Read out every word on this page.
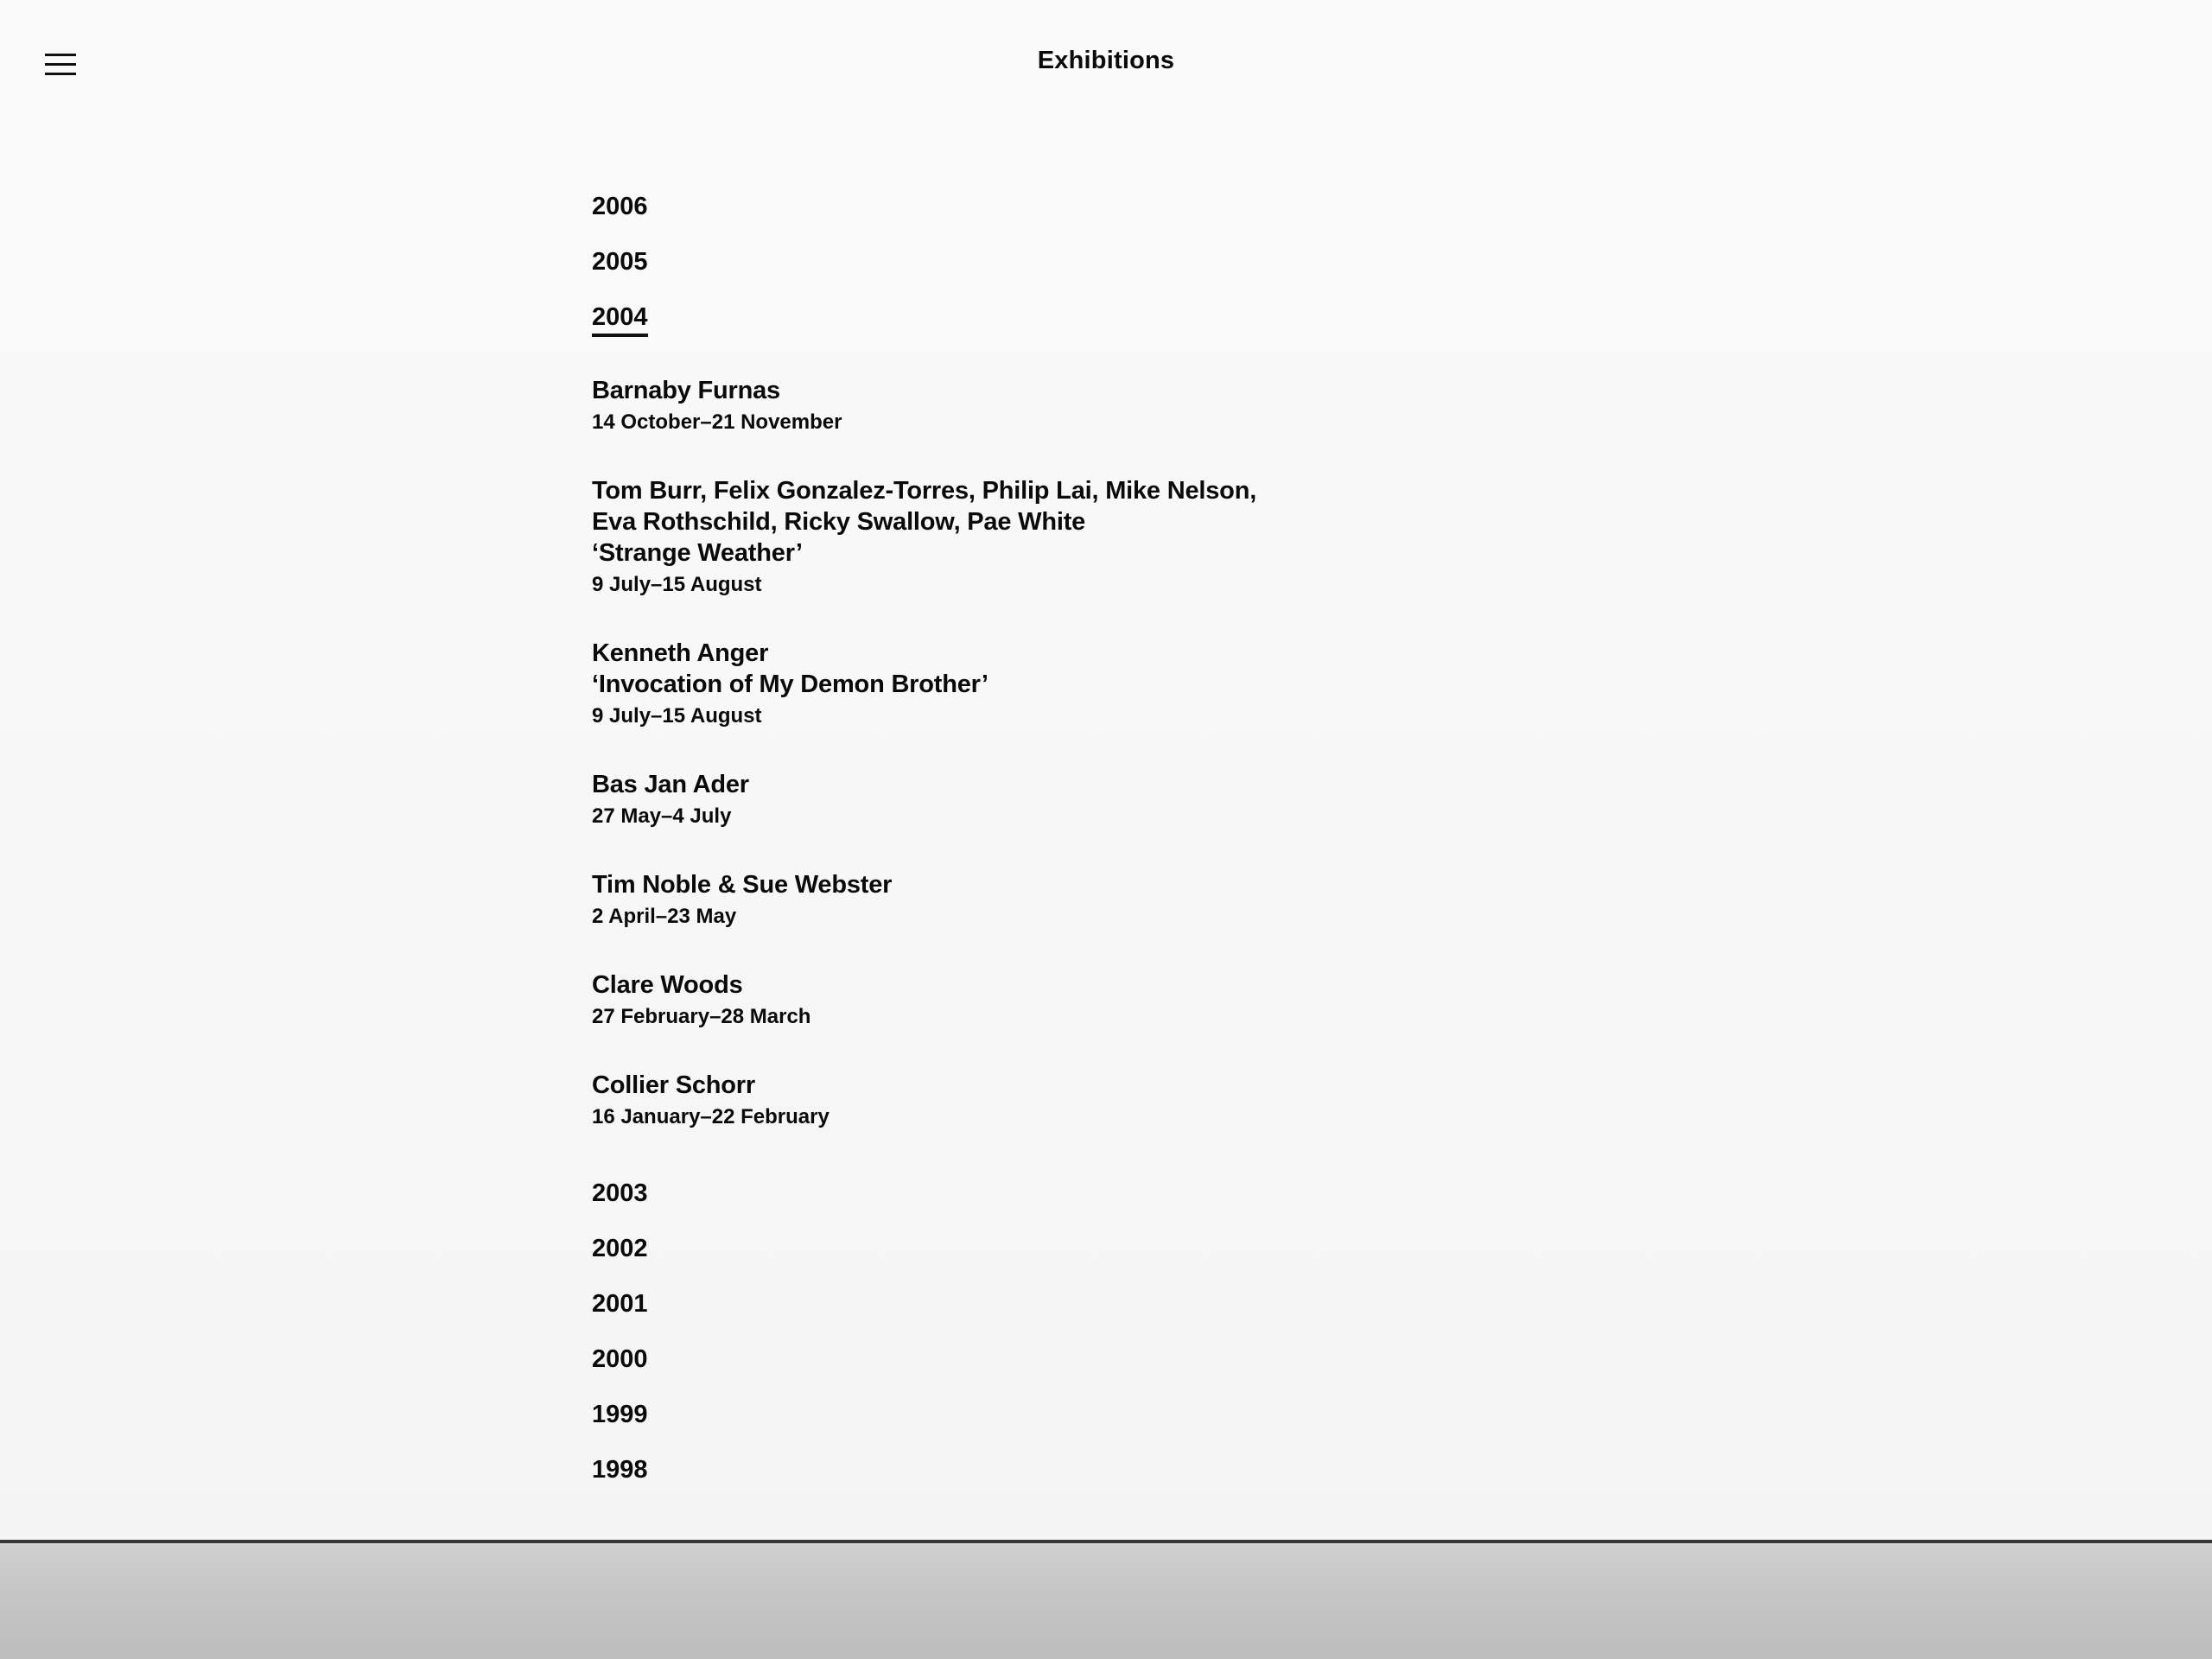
Exhibitions
2006
2005
2004
Barnaby Furnas
14 October–21 November
Tom Burr, Felix Gonzalez-Torres, Philip Lai, Mike Nelson, Eva Rothschild, Ricky Swallow, Pae White
‘Strange Weather’
9 July–15 August
Kenneth Anger
‘Invocation of My Demon Brother’
9 July–15 August
Bas Jan Ader
27 May–4 July
Tim Noble & Sue Webster
2 April–23 May
Clare Woods
27 February–28 March
Collier Schorr
16 January–22 February
2003
2002
2001
2000
1999
1998
